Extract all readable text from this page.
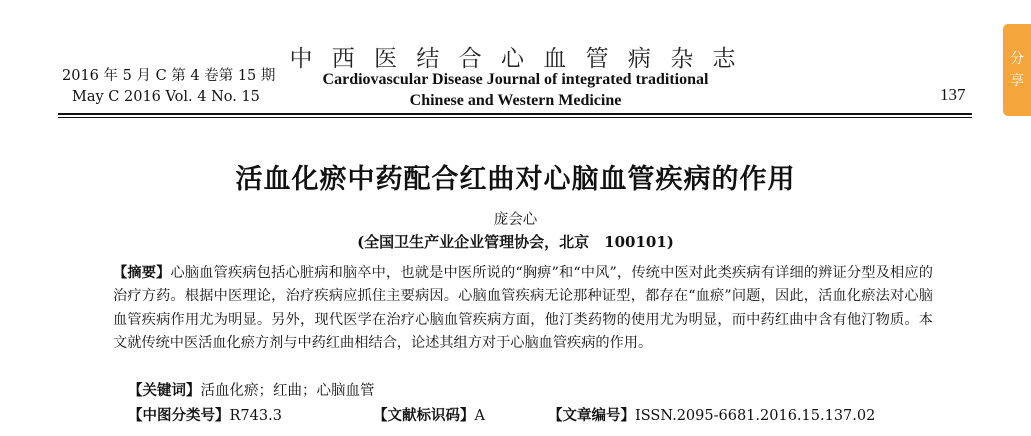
2016 年 5 月 C 第 4 卷第 15 期
May C 2016 Vol. 4 No. 15
中 西 医 结 合 心 血 管 病 杂 志
Cardiovascular Disease Journal of integrated traditional
Chinese and Western Medicine	137
分
享
活血化瘀中药配合红曲对心脑血管疾病的作用
庞会心
(全国卫生产业企业管理协会，北京　100101)
【摘要】心脑血管疾病包括心脏病和脑卒中，也就是中医所说的“胸痹”和“中风”，传统中医对此类疾病有详细的辨证分型及相应的治疗方药。根据中医理论，治疗疾病应抓住主要病因。心脑血管疾病无论那种证型，都存在“血瘀”问题，因此，活血化瘀法对心脑血管疾病作用尤为明显。另外，现代医学在治疗心脑血管疾病方面，他汀类药物的使用尤为明显，而中药红曲中含有他汀物质。本文就传统中医活血化瘀方剂与中药红曲相结合，论述其组方对于心脑血管疾病的作用。
【关键词】活血化瘀；红曲；心脑血管
【中图分类号】R743.3	【文献标识码】A	【文章编号】ISSN.2095-6681.2016.15.137.02
